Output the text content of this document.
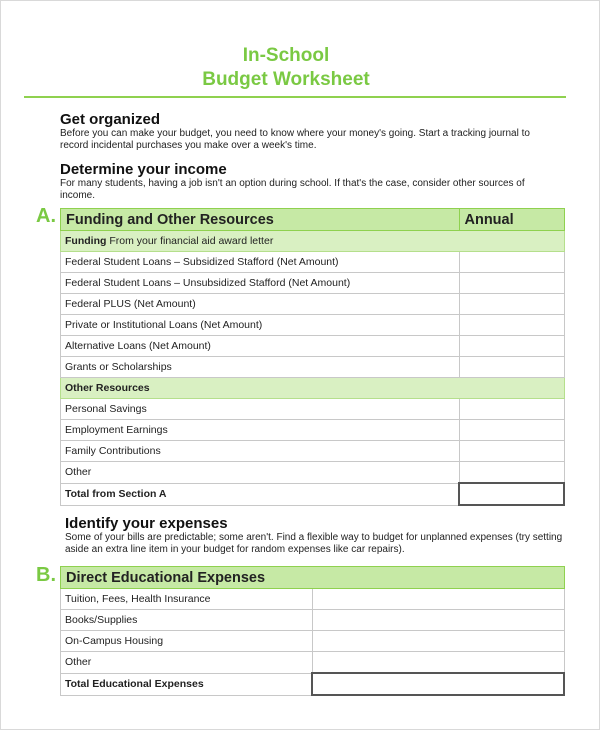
In-School
Budget Worksheet
Get organized
Before you can make your budget, you need to know where your money's going. Start a tracking journal to
record incidental purchases you make over a week's time.
Determine your income
For many students, having a job isn't an option during school. If that's the case, consider other sources of
income.
A. Funding and Other Resources	Annual
Funding From your financial aid award letter	
Federal Student Loans – Subsidized Stafford (Net Amount)	
Federal Student Loans – Unsubsidized Stafford (Net Amount)	
Federal PLUS (Net Amount)	
Private or Institutional Loans (Net Amount)	
Alternative Loans (Net Amount)	
Grants or Scholarships	
Other Resources	
Personal Savings	
Employment Earnings	
Family Contributions	
Other	
Total from Section A	
Identify your expenses
Some of your bills are predictable; some aren't. Find a flexible way to budget for unplanned expenses (try setting
aside an extra line item in your budget for random expenses like car repairs).
B. Direct Educational Expenses	
Tuition, Fees, Health Insurance	
Books/Supplies	
On-Campus Housing	
Other	
Total Educational Expenses	
